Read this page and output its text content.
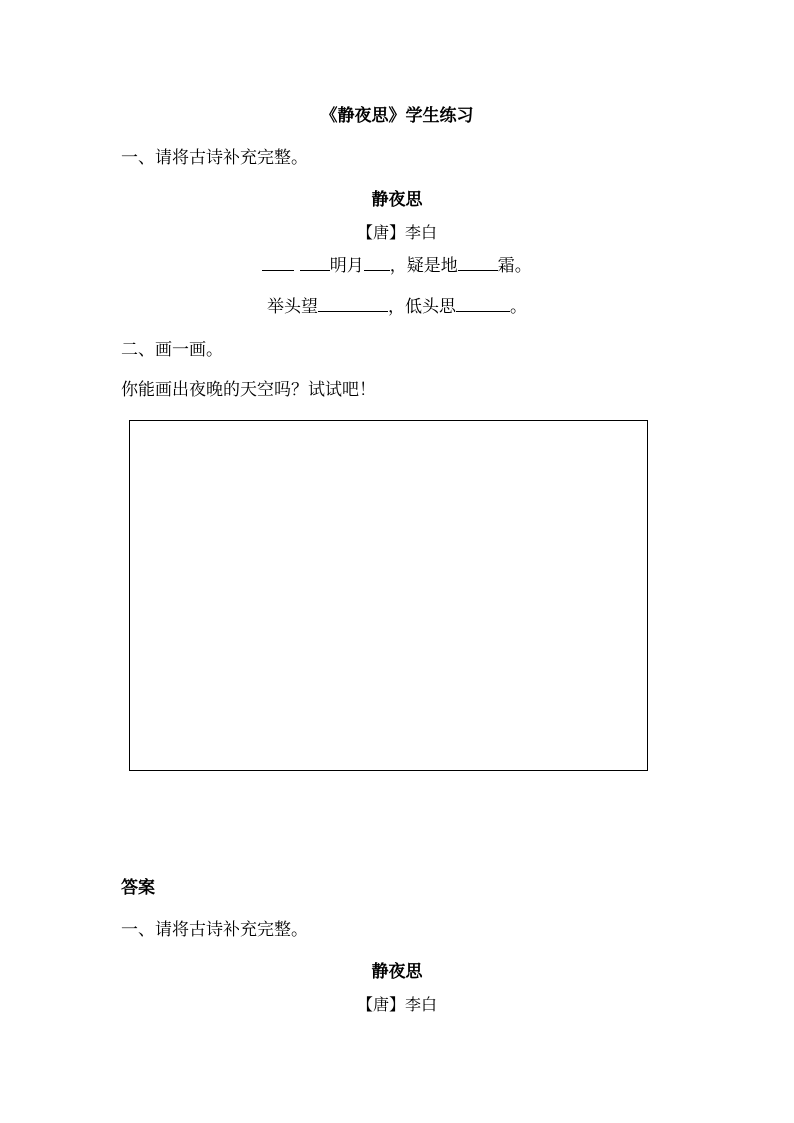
《静夜思》学生练习
一、请将古诗补充完整。
静夜思
【唐】李白
明月 ，疑是地 霜。
举头望	，低头思	。
二、画一画。
你能画出夜晚的天空吗？试试吧！
答案
一、请将古诗补充完整。
静夜思
【唐】李白
